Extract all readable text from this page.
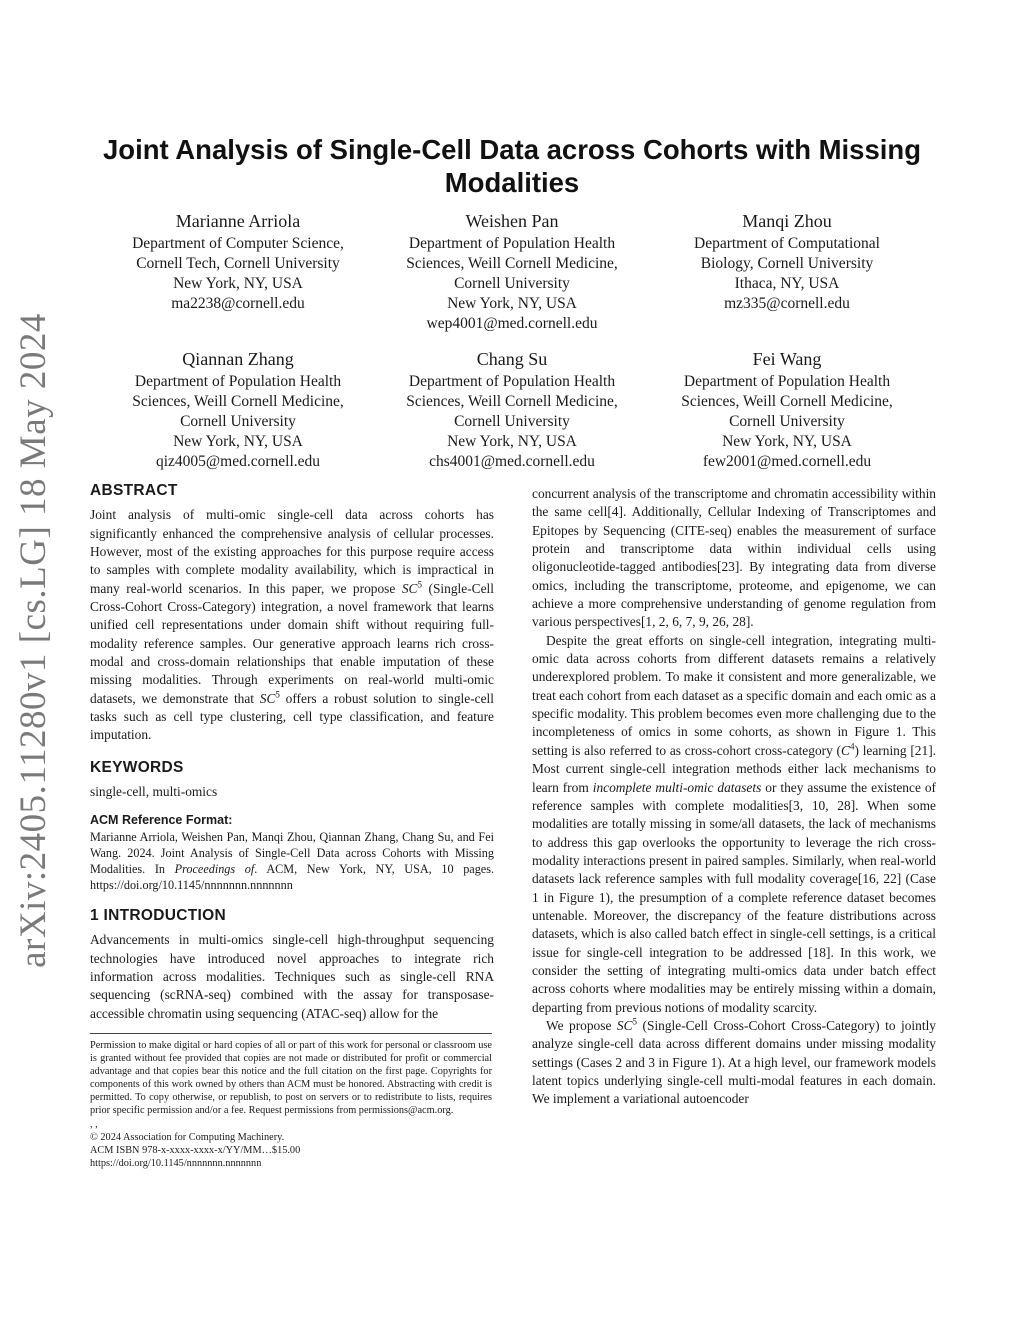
arXiv:2405.11280v1 [cs.LG] 18 May 2024
Joint Analysis of Single-Cell Data across Cohorts with Missing Modalities
Marianne Arriola
Department of Computer Science,
Cornell Tech, Cornell University
New York, NY, USA
ma2238@cornell.edu
Weishen Pan
Department of Population Health
Sciences, Weill Cornell Medicine,
Cornell University
New York, NY, USA
wep4001@med.cornell.edu
Manqi Zhou
Department of Computational
Biology, Cornell University
Ithaca, NY, USA
mz335@cornell.edu
Qiannan Zhang
Department of Population Health
Sciences, Weill Cornell Medicine,
Cornell University
New York, NY, USA
qiz4005@med.cornell.edu
Chang Su
Department of Population Health
Sciences, Weill Cornell Medicine,
Cornell University
New York, NY, USA
chs4001@med.cornell.edu
Fei Wang
Department of Population Health
Sciences, Weill Cornell Medicine,
Cornell University
New York, NY, USA
few2001@med.cornell.edu
ABSTRACT

Joint analysis of multi-omic single-cell data across cohorts has significantly enhanced the comprehensive analysis of cellular processes. However, most of the existing approaches for this purpose require access to samples with complete modality availability, which is impractical in many real-world scenarios. In this paper, we propose $SC^5$ (Single-Cell Cross-Cohort Cross-Category) integration, a novel framework that learns unified cell representations under domain shift without requiring full-modality reference samples. Our generative approach learns rich cross-modal and cross-domain relationships that enable imputation of these missing modalities. Through experiments on real-world multi-omic datasets, we demonstrate that $SC^5$ offers a robust solution to single-cell tasks such as cell type clustering, cell type classification, and feature imputation.

KEYWORDS

single-cell, multi-omics

ACM Reference Format:

Marianne Arriola, Weishen Pan, Manqi Zhou, Qiannan Zhang, Chang Su, and Fei Wang. 2024. Joint Analysis of Single-Cell Data across Cohorts with Missing Modalities. In Proceedings of. ACM, New York, NY, USA, 10 pages. https://doi.org/10.1145/nnnnnnn.nnnnnnn

1 INTRODUCTION

Advancements in multi-omics single-cell high-throughput sequencing technologies have introduced novel approaches to integrate rich information across modalities. Techniques such as single-cell RNA sequencing (scRNA-seq) combined with the assay for transposase-accessible chromatin using sequencing (ATAC-seq) allow for the

Permission to make digital or hard copies of all or part of this work for personal or classroom use is granted without fee provided that copies are not made or distributed for profit or commercial advantage and that copies bear this notice and the full citation on the first page. Copyrights for components of this work owned by others than ACM must be honored. Abstracting with credit is permitted. To copy otherwise, or republish, to post on servers or to redistribute to lists, requires prior specific permission and/or a fee. Request permissions from permissions@acm.org.

, ,

© 2024 Association for Computing Machinery.

ACM ISBN 978-x-xxxx-xxxx-x/YY/MM…$15.00

https://doi.org/10.1145/nnnnnnn.nnnnnnn

concurrent analysis of the transcriptome and chromatin accessibility within the same cell[4]. Additionally, Cellular Indexing of Transcriptomes and Epitopes by Sequencing (CITE-seq) enables the measurement of surface protein and transcriptome data within individual cells using oligonucleotide-tagged antibodies[23]. By integrating data from diverse omics, including the transcriptome, proteome, and epigenome, we can achieve a more comprehensive understanding of genome regulation from various perspectives[1, 2, 6, 7, 9, 26, 28].

Despite the great efforts on single-cell integration, integrating multi-omic data across cohorts from different datasets remains a relatively underexplored problem. To make it consistent and more generalizable, we treat each cohort from each dataset as a specific domain and each omic as a specific modality. This problem becomes even more challenging due to the incompleteness of omics in some cohorts, as shown in Figure 1. This setting is also referred to as cross-cohort cross-category $(C^4)$ learning [21]. Most current single-cell integration methods either lack mechanisms to learn from incomplete multi-omic datasets or they assume the existence of reference samples with complete modalities[3, 10, 28]. When some modalities are totally missing in some/all datasets, the lack of mechanisms to address this gap overlooks the opportunity to leverage the rich cross-modality interactions present in paired samples. Similarly, when real-world datasets lack reference samples with full modality coverage[16, 22] (Case 1 in Figure 1), the presumption of a complete reference dataset becomes untenable. Moreover, the discrepancy of the feature distributions across datasets, which is also called batch effect in single-cell settings, is a critical issue for single-cell integration to be addressed [18]. In this work, we consider the setting of integrating multi-omics data under batch effect across cohorts where modalities may be entirely missing within a domain, departing from previous notions of modality scarcity.

We propose $SC^5$ (Single-Cell Cross-Cohort Cross-Category) to jointly analyze single-cell data across different domains under missing modality settings (Cases 2 and 3 in Figure 1). At a high level, our framework models latent topics underlying single-cell multi-modal features in each domain. We implement a variational autoencoder
